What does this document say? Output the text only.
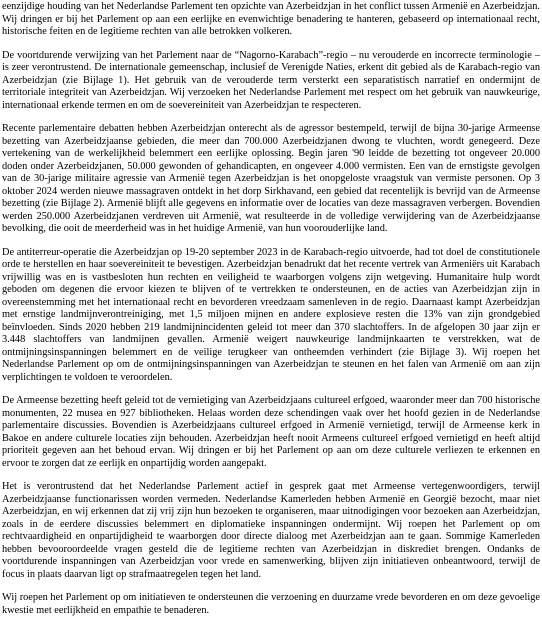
eenzijdige houding van het Nederlandse Parlement ten opzichte van Azerbeidzjan in het conflict tussen Armenië en Azerbeidzjan. Wij dringen er bij het Parlement op aan een eerlijke en evenwichtige benadering te hanteren, gebaseerd op internationaal recht, historische feiten en de legitieme rechten van alle betrokken volkeren.

De voortdurende verwijzing van het Parlement naar de “Nagorno-Karabach”-regio – nu verouderde en incorrecte terminologie – is zeer verontrustend. De internationale gemeenschap, inclusief de Verenigde Naties, erkent dit gebied als de Karabach-regio van Azerbeidzjan (zie Bijlage 1). Het gebruik van de verouderde term versterkt een separatistisch narratief en ondermijnt de territoriale integriteit van Azerbeidzjan. Wij verzoeken het Nederlandse Parlement met respect om het gebruik van nauwkeurige, internationaal erkende termen en om de soevereiniteit van Azerbeidzjan te respecteren.

Recente parlementaire debatten hebben Azerbeidzjan onterecht als de agressor bestempeld, terwijl de bijna 30-jarige Armeense bezetting van Azerbeidzjaanse gebieden, die meer dan 700.000 Azerbeidzjanen dwong te vluchten, wordt genegeerd. Deze vertekening van de werkelijkheid belemmert een eerlijke oplossing. Begin jaren '90 leidde de bezetting tot ongeveer 20.000 doden onder Azerbeidzjanen, 50.000 gewonden of gehandicapten, en ongeveer 4.000 vermisten. Een van de ernstigste gevolgen van de 30-jarige militaire agressie van Armenië tegen Azerbeidzjan is het onopgeloste vraagstuk van vermiste personen. Op 3 oktober 2024 werden nieuwe massagraven ontdekt in het dorp Sirkhavand, een gebied dat recentelijk is bevrijd van de Armeense bezetting (zie Bijlage 2). Armenië blijft alle gegevens en informatie over de locaties van deze massagraven verbergen. Bovendien werden 250.000 Azerbeidzjanen verdreven uit Armenië, wat resulteerde in de volledige verwijdering van de Azerbeidzjaanse bevolking, die ooit de meerderheid was in het huidige Armenië, van hun voorouderlijke land.

De antiterreur-operatie die Azerbeidzjan op 19-20 september 2023 in de Karabach-regio uitvoerde, had tot doel de constitutionele orde te herstellen en haar soevereiniteit te bevestigen. Azerbeidzjan benadrukt dat het recente vertrek van Armeniërs uit Karabach vrijwillig was en is vastbesloten hun rechten en veiligheid te waarborgen volgens zijn wetgeving. Humanitaire hulp wordt geboden om degenen die ervoor kiezen te blijven of te vertrekken te ondersteunen, en de acties van Azerbeidzjan zijn in overeenstemming met het internationaal recht en bevorderen vreedzaam samenleven in de regio. Daarnaast kampt Azerbeidzjan met ernstige landmijnverontreiniging, met 1,5 miljoen mijnen en andere explosieve resten die 13% van zijn grondgebied beïnvloeden. Sinds 2020 hebben 219 landmijnincidenten geleid tot meer dan 370 slachtoffers. In de afgelopen 30 jaar zijn er 3.448 slachtoffers van landmijnen gevallen. Armenië weigert nauwkeurige landmijnkaarten te verstrekken, wat de ontmijningsinspanningen belemmert en de veilige terugkeer van ontheemden verhindert (zie Bijlage 3). Wij roepen het Nederlandse Parlement op om de ontmijningsinspanningen van Azerbeidzjan te steunen en het falen van Armenië om aan zijn verplichtingen te voldoen te veroordelen.

De Armeense bezetting heeft geleid tot de vernietiging van Azerbeidzjaans cultureel erfgoed, waaronder meer dan 700 historische monumenten, 22 musea en 927 bibliotheken. Helaas worden deze schendingen vaak over het hoofd gezien in de Nederlandse parlementaire discussies. Bovendien is Azerbeidzjaans cultureel erfgoed in Armenië vernietigd, terwijl de Armeense kerk in Bakoe en andere culturele locaties zijn behouden. Azerbeidzjan heeft nooit Armeens cultureel erfgoed vernietigd en heeft altijd prioriteit gegeven aan het behoud ervan. Wij dringen er bij het Parlement op aan om deze culturele verliezen te erkennen en ervoor te zorgen dat ze eerlijk en onpartijdig worden aangepakt.

Het is verontrustend dat het Nederlandse Parlement actief in gesprek gaat met Armeense vertegenwoordigers, terwijl Azerbeidzjaanse functionarissen worden vermeden. Nederlandse Kamerleden hebben Armenië en Georgië bezocht, maar niet Azerbeidzjan, en wij erkennen dat zij vrij zijn hun bezoeken te organiseren, maar uitnodigingen voor bezoeken aan Azerbeidzjan, zoals in de eerdere discussies belemmert en diplomatieke inspanningen ondermijnt. Wij roepen het Parlement op om rechtvaardigheid en onpartijdigheid te waarborgen door directe dialoog met Azerbeidzjan aan te gaan. Sommige Kamerleden hebben bevooroordeelde vragen gesteld die de legitieme rechten van Azerbeidzjan in diskrediet brengen. Ondanks de voortdurende inspanningen van Azerbeidzjan voor vrede en samenwerking, blijven zijn initiatieven onbeantwoord, terwijl de focus in plaats daarvan ligt op strafmaatregelen tegen het land.

Wij roepen het Parlement op om initiatieven te ondersteunen die verzoening en duurzame vrede bevorderen en om deze gevoelige kwestie met eerlijkheid en empathie te benaderen.
